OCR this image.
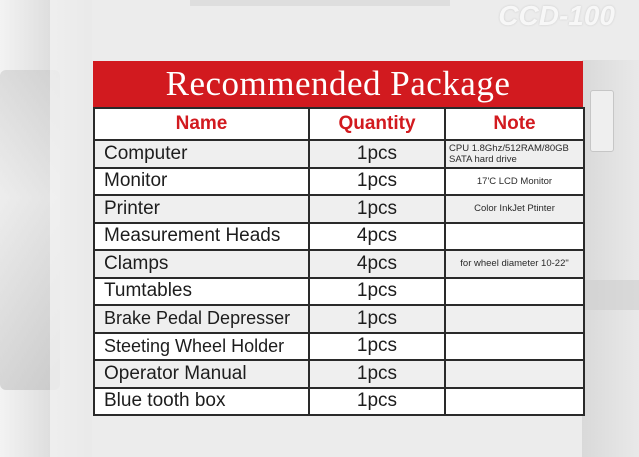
CCD-100
Recommended Package
Name	Quantity	Note
Computer	1pcs	CPU 1.8Ghz/512RAM/80GB SATA hard drive
Monitor	1pcs	17'C LCD Monitor
Printer	1pcs	Color InkJet Ptinter
Measurement Heads	4pcs	
Clamps	4pcs	for wheel diameter 10-22"
Tumtables	1pcs	
Brake Pedal Depresser	1pcs	
Steeting Wheel Holder	1pcs	
Operator Manual	1pcs	
Blue tooth box	1pcs	
